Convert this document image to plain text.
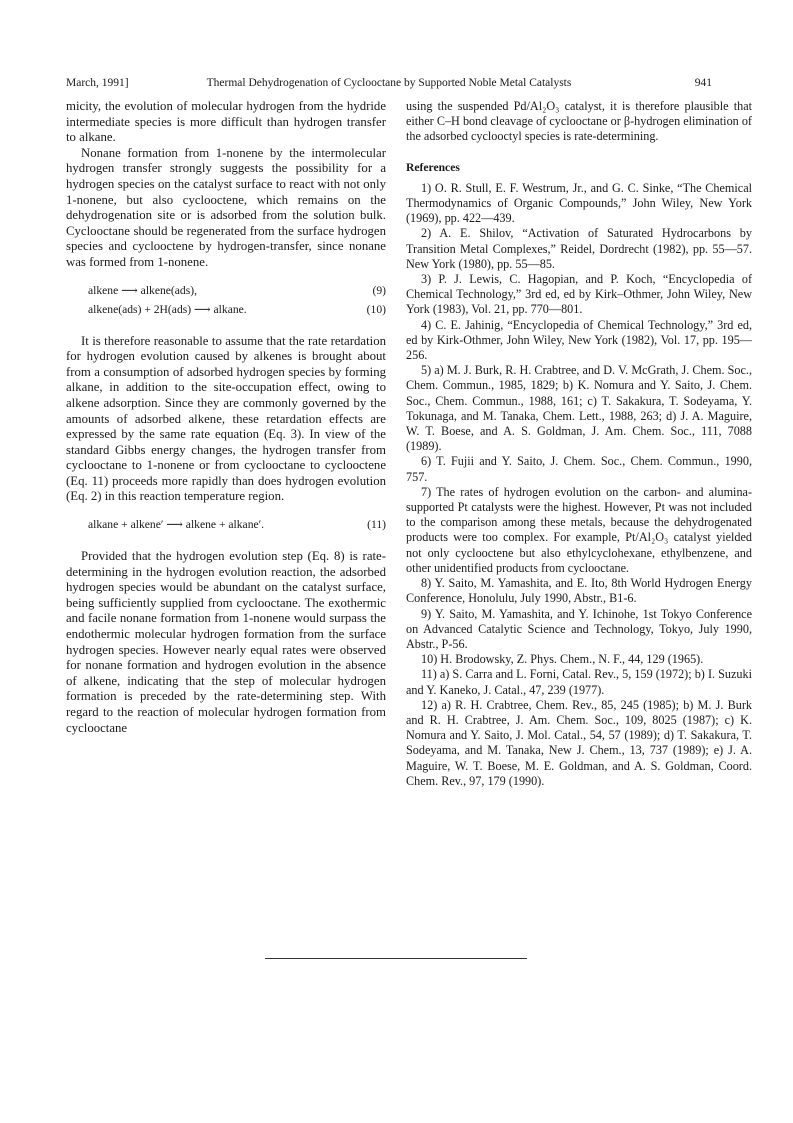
March, 1991]	Thermal Dehydrogenation of Cyclooctane by Supported Noble Metal Catalysts	941

micity, the evolution of molecular hydrogen from the hydride intermediate species is more difficult than hydrogen transfer to alkane.

Nonane formation from 1-nonene by the intermolecular hydrogen transfer strongly suggests the possibility for a hydrogen species on the catalyst surface to react with not only 1-nonene, but also cyclooctene, which remains on the dehydrogenation site or is adsorbed from the solution bulk. Cyclooctane should be regenerated from the surface hydrogen species and cyclooctene by hydrogen-transfer, since nonane was formed from 1-nonene.

alkene ⟶ alkene(ads),	(9)
alkene(ads) + 2H(ads) ⟶ alkane.	(10)

It is therefore reasonable to assume that the rate retardation for hydrogen evolution caused by alkenes is brought about from a consumption of adsorbed hydrogen species by forming alkane, in addition to the site-occupation effect, owing to alkene adsorption. Since they are commonly governed by the amounts of adsorbed alkene, these retardation effects are expressed by the same rate equation (Eq. 3). In view of the standard Gibbs energy changes, the hydrogen transfer from cyclooctane to 1-nonene or from cyclooctane to cyclooctene (Eq. 11) proceeds more rapidly than does hydrogen evolution (Eq. 2) in this reaction temperature region.

alkane + alkene′ ⟶ alkene + alkane′.	(11)

Provided that the hydrogen evolution step (Eq. 8) is rate-determining in the hydrogen evolution reaction, the adsorbed hydrogen species would be abundant on the catalyst surface, being sufficiently supplied from cyclooctane. The exothermic and facile nonane formation from 1-nonene would surpass the endothermic molecular hydrogen formation from the surface hydrogen species. However nearly equal rates were observed for nonane formation and hydrogen evolution in the absence of alkene, indicating that the step of molecular hydrogen formation is preceded by the rate-determining step. With regard to the reaction of molecular hydrogen formation from cyclooctane

using the suspended Pd/Al₂O₃ catalyst, it is therefore plausible that either C–H bond cleavage of cyclooctane or β-hydrogen elimination of the adsorbed cyclooctyl species is rate-determining.

References

1) O. R. Stull, E. F. Westrum, Jr., and G. C. Sinke, “The Chemical Thermodynamics of Organic Compounds,” John Wiley, New York (1969), pp. 422—439.

2) A. E. Shilov, “Activation of Saturated Hydrocarbons by Transition Metal Complexes,” Reidel, Dordrecht (1982), pp. 55—57. New York (1980), pp. 55—85.

3) P. J. Lewis, C. Hagopian, and P. Koch, “Encyclopedia of Chemical Technology,” 3rd ed, ed by Kirk–Othmer, John Wiley, New York (1983), Vol. 21, pp. 770—801.

4) C. E. Jahinig, “Encyclopedia of Chemical Technology,” 3rd ed, ed by Kirk-Othmer, John Wiley, New York (1982), Vol. 17, pp. 195—256.

5) a) M. J. Burk, R. H. Crabtree, and D. V. McGrath, J. Chem. Soc., Chem. Commun., 1985, 1829; b) K. Nomura and Y. Saito, J. Chem. Soc., Chem. Commun., 1988, 161; c) T. Sakakura, T. Sodeyama, Y. Tokunaga, and M. Tanaka, Chem. Lett., 1988, 263; d) J. A. Maguire, W. T. Boese, and A. S. Goldman, J. Am. Chem. Soc., 111, 7088 (1989).

6) T. Fujii and Y. Saito, J. Chem. Soc., Chem. Commun., 1990, 757.

7) The rates of hydrogen evolution on the carbon- and alumina-supported Pt catalysts were the highest. However, Pt was not included to the comparison among these metals, because the dehydrogenated products were too complex. For example, Pt/Al₂O₃ catalyst yielded not only cyclooctene but also ethylcyclohexane, ethylbenzene, and other unidentified products from cyclooctane.

8) Y. Saito, M. Yamashita, and E. Ito, 8th World Hydrogen Energy Conference, Honolulu, July 1990, Abstr., B1-6.

9) Y. Saito, M. Yamashita, and Y. Ichinohe, 1st Tokyo Conference on Advanced Catalytic Science and Technology, Tokyo, July 1990, Abstr., P-56.

10) H. Brodowsky, Z. Phys. Chem., N. F., 44, 129 (1965).

11) a) S. Carra and L. Forni, Catal. Rev., 5, 159 (1972); b) I. Suzuki and Y. Kaneko, J. Catal., 47, 239 (1977).

12) a) R. H. Crabtree, Chem. Rev., 85, 245 (1985); b) M. J. Burk and R. H. Crabtree, J. Am. Chem. Soc., 109, 8025 (1987); c) K. Nomura and Y. Saito, J. Mol. Catal., 54, 57 (1989); d) T. Sakakura, T. Sodeyama, and M. Tanaka, New J. Chem., 13, 737 (1989); e) J. A. Maguire, W. T. Boese, M. E. Goldman, and A. S. Goldman, Coord. Chem. Rev., 97, 179 (1990).
